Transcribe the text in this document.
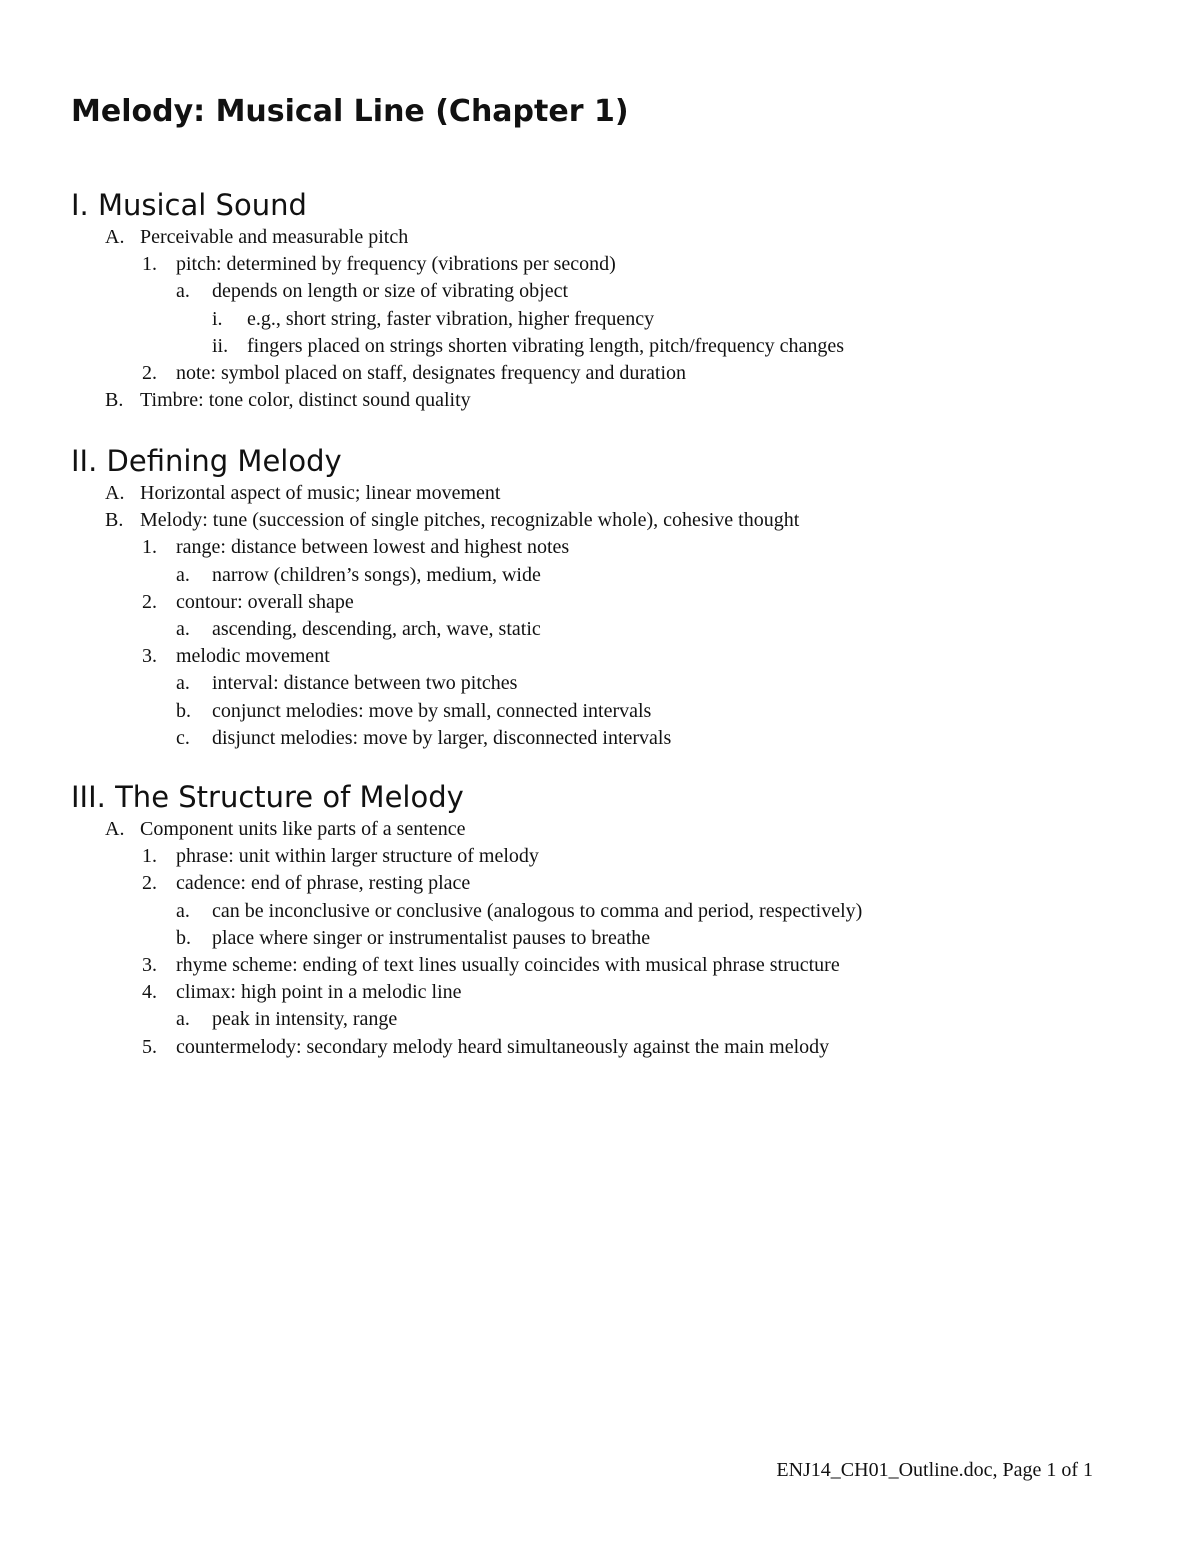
Melody: Musical Line (Chapter 1)
I. Musical Sound
A. Perceivable and measurable pitch
1. pitch: determined by frequency (vibrations per second)
a. depends on length or size of vibrating object
i. e.g., short string, faster vibration, higher frequency
ii. fingers placed on strings shorten vibrating length, pitch/frequency changes
2. note: symbol placed on staff, designates frequency and duration
B. Timbre: tone color, distinct sound quality
II. Defining Melody
A. Horizontal aspect of music; linear movement
B. Melody: tune (succession of single pitches, recognizable whole), cohesive thought
1. range: distance between lowest and highest notes
a. narrow (children’s songs), medium, wide
2. contour: overall shape
a. ascending, descending, arch, wave, static
3. melodic movement
a. interval: distance between two pitches
b. conjunct melodies: move by small, connected intervals
c. disjunct melodies: move by larger, disconnected intervals
III. The Structure of Melody
A. Component units like parts of a sentence
1. phrase: unit within larger structure of melody
2. cadence: end of phrase, resting place
a. can be inconclusive or conclusive (analogous to comma and period, respectively)
b. place where singer or instrumentalist pauses to breathe
3. rhyme scheme: ending of text lines usually coincides with musical phrase structure
4. climax: high point in a melodic line
a. peak in intensity, range
5. countermelody: secondary melody heard simultaneously against the main melody
ENJ14_CH01_Outline.doc, Page 1 of 1
